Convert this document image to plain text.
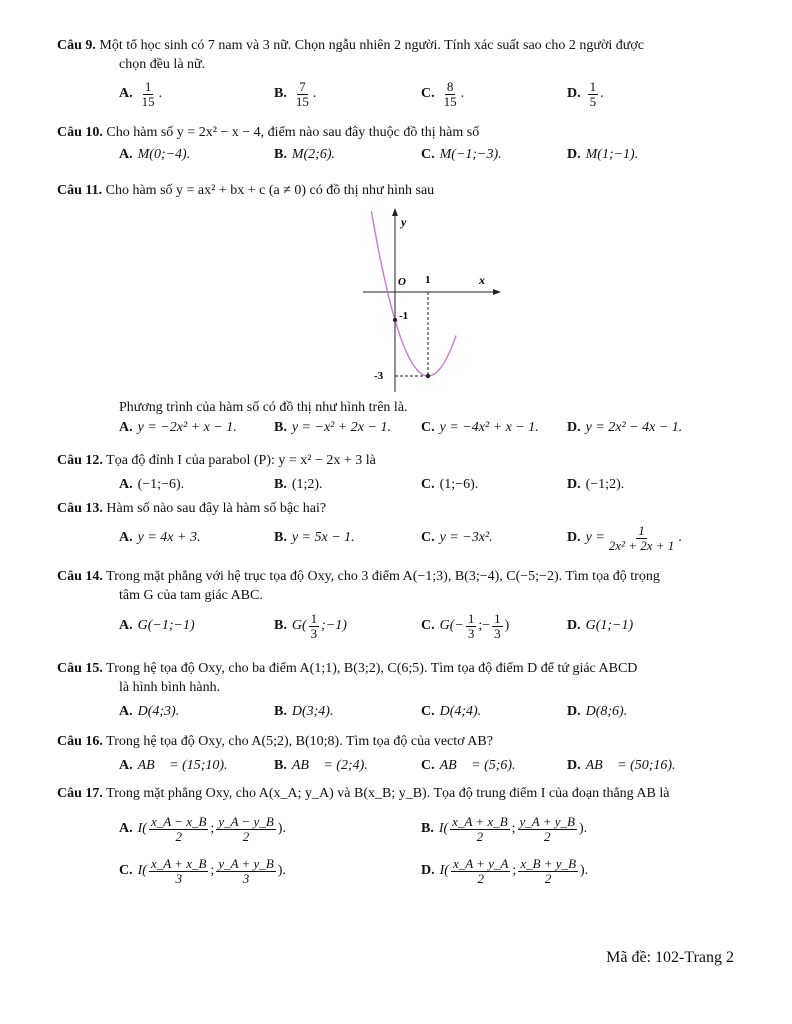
Câu 9. Một tổ học sinh có 7 nam và 3 nữ. Chọn ngẫu nhiên 2 người. Tính xác suất sao cho 2 người được
chọn đều là nữ.
A. $\frac{1}{15}$ .	B. $\frac{7}{15}$ .	C. $\frac{8}{15}$ .	D. $\frac{1}{5}$ .
Câu 10. Cho hàm số y = 2x² − x − 4, điểm nào sau đây thuộc đồ thị hàm số
A. M(0;−4).	B. M(2;6).	C. M(−1;−3).	D. M(1;−1).
Câu 11. Cho hàm số y = ax² + bx + c (a ≠ 0) có đồ thị như hình sau
y
x
O 1
-1
-3
Phương trình của hàm số có đồ thị như hình trên là.
A. y = −2x² + x − 1.	B. y = −x² + 2x − 1. C. y = −4x² + x − 1. D. y = 2x² − 4x − 1.
Câu 12. Tọa độ đỉnh I của parabol (P): y = x² − 2x + 3 là
A. (−1;−6).	B. (1;2).	C. (1;−6).	D. (−1;2).
Câu 13. Hàm số nào sau đây là hàm số bậc hai?
A. y = 4x + 3.	B. y = 5x − 1.	C. y = −3x².	D. $y = \frac{1}{\text{2x² + 2x + 1}}$ .
Câu 14. Trong mặt phẳng với hệ trục tọa độ Oxy, cho 3 điểm A(−1;3), B(3;−4), C(−5;−2). Tìm tọa độ trọng
tâm G của tam giác ABC.
A. G(−1;−1)	B. $G( \frac{1}{3}$ ;−1)	C. $G(- \frac{1}{3}$ ;− $\frac{1}{3}$ )	D. G(1;−1)
Câu 15. Trong hệ tọa độ Oxy, cho ba điểm A(1;1), B(3;2), C(6;5). Tìm tọa độ điểm D để tứ giác ABCD
là hình bình hành.
A. D(4;3).	B. D(3;4).	C. D(4;4).	D. D(8;6).
Câu 16. Trong hệ tọa độ Oxy, cho A(5;2), B(10;8). Tìm tọa độ của vectơ AB?
A. AB⃗ = (15;10).	B. AB⃗ = (2;4).	C. AB⃗ = (5;6).	D. AB⃗ = (50;16).
Câu 17. Trong mặt phẳng Oxy, cho A(x_A; y_A) và B(x_B; y_B). Tọa độ trung điểm I của đoạn thẳng AB là
A. $I( \frac{x\_A - x\_B}{2}$ ; $\frac{y\_A - y\_B}{2}$ ).	B. $I( \frac{x\_A + x\_B}{2}$ ; $\frac{y\_A + y\_B}{2}$ ).
C. $I( \frac{x\_A + x\_B}{3}$ ; $\frac{y\_A + y\_B}{3}$ ).	D. $I( \frac{x\_A + y\_A}{2}$ ; $\frac{x\_B + y\_B}{2}$ ).
Mã đề: 102-Trang 2
